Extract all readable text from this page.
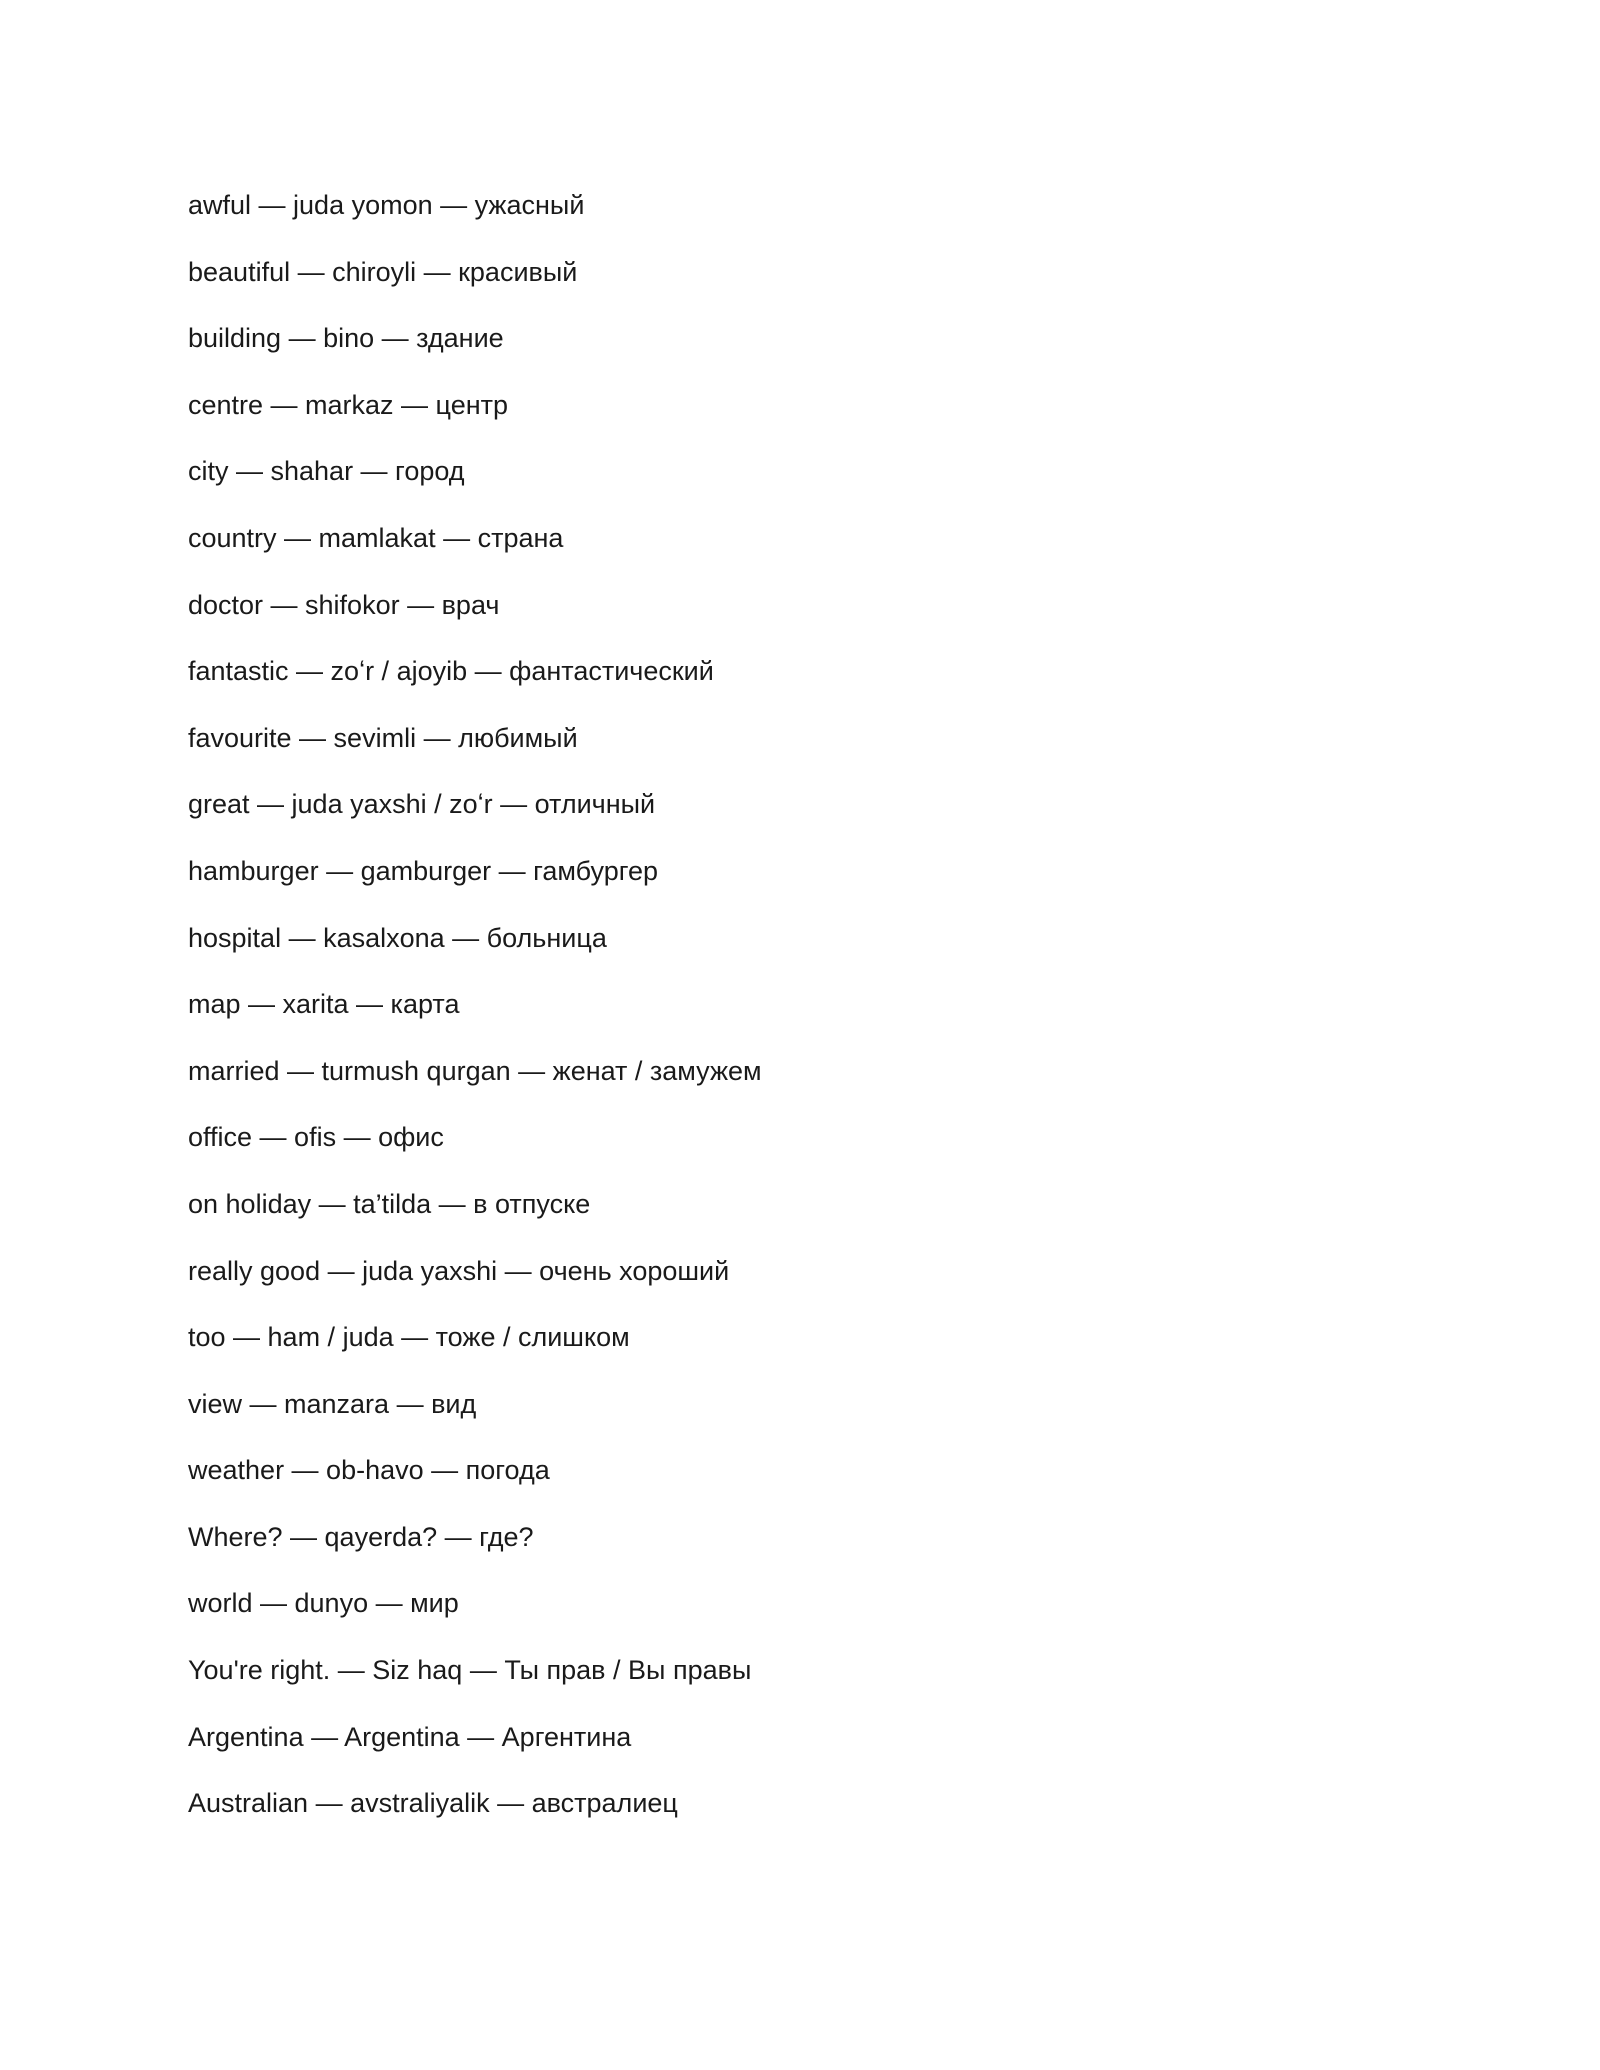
awful — juda yomon — ужасный
beautiful — chiroyli — красивый
building — bino — здание
centre — markaz — центр
city — shahar — город
country — mamlakat — страна
doctor — shifokor — врач
fantastic — zoʻr / ajoyib — фантастический
favourite — sevimli — любимый
great — juda yaxshi / zoʻr — отличный
hamburger — gamburger — гамбургер
hospital — kasalxona — больница
map — xarita — карта
married — turmush qurgan — женат / замужем
office — ofis — офис
on holiday — ta’tilda — в отпуске
really good — juda yaxshi — очень хороший
too — ham / juda — тоже / слишком
view — manzara — вид
weather — ob-havo — погода
Where? — qayerda? — где?
world — dunyo — мир
You're right. — Siz haq — Ты прав / Вы правы
Argentina — Argentina — Аргентина
Australian — avstraliyalik — австралиец
